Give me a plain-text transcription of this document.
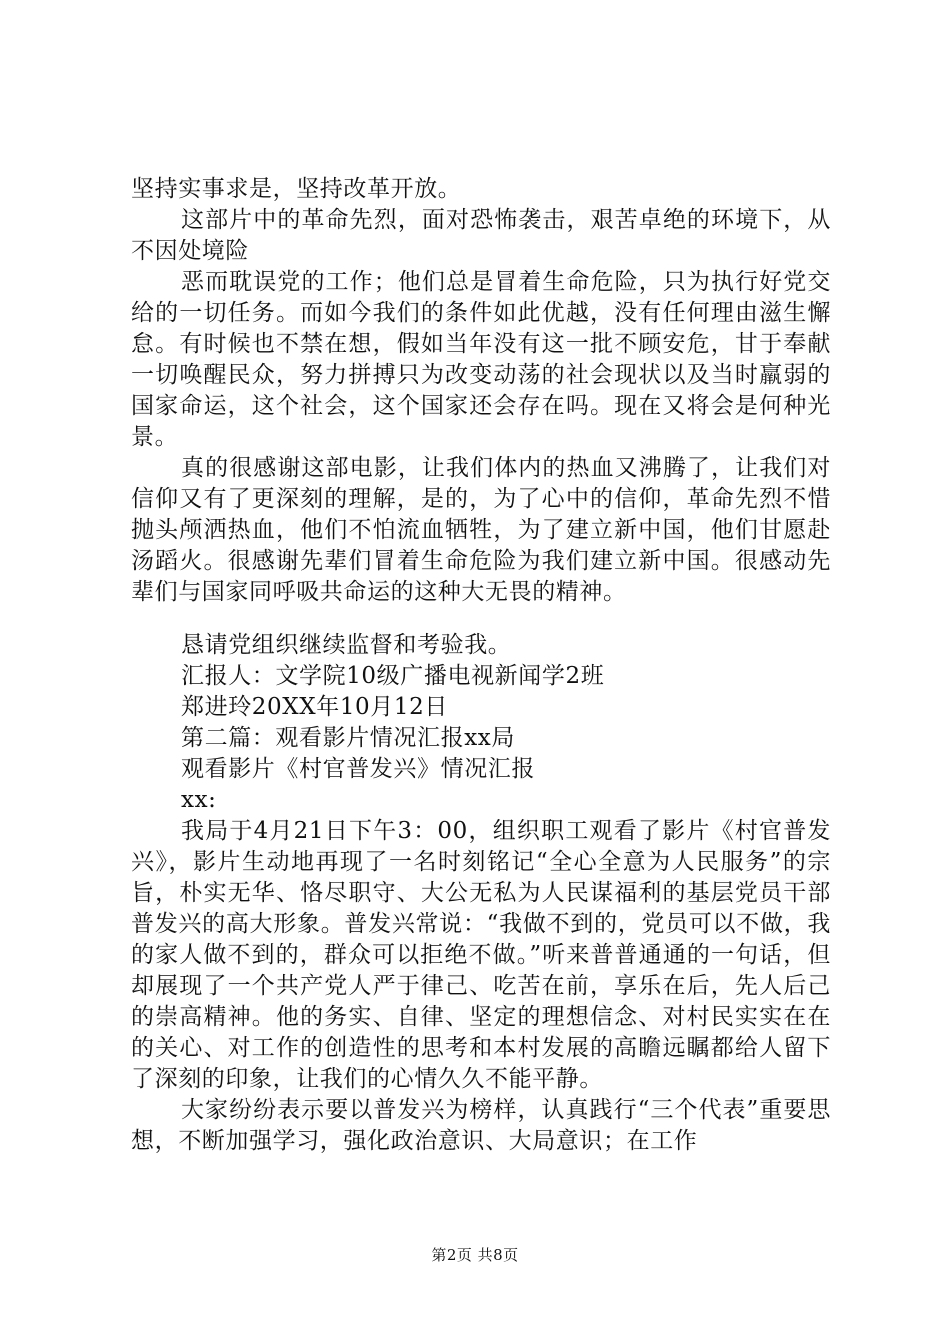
坚持实事求是，坚持改革开放。

这部片中的革命先烈，面对恐怖袭击，艰苦卓绝的环境下，从不因处境险

恶而耽误党的工作；他们总是冒着生命危险，只为执行好党交给的一切任务。而如今我们的条件如此优越，没有任何理由滋生懈怠。有时候也不禁在想，假如当年没有这一批不顾安危，甘于奉献一切唤醒民众，努力拼搏只为改变动荡的社会现状以及当时羸弱的国家命运，这个社会，这个国家还会存在吗。现在又将会是何种光景。

真的很感谢这部电影，让我们体内的热血又沸腾了，让我们对信仰又有了更深刻的理解，是的，为了心中的信仰，革命先烈不惜抛头颅洒热血，他们不怕流血牺牲，为了建立新中国，他们甘愿赴汤蹈火。很感谢先辈们冒着生命危险为我们建立新中国。很感动先辈们与国家同呼吸共命运的这种大无畏的精神。

恳请党组织继续监督和考验我。

汇报人：文学院10级广播电视新闻学2班

郑进玲20XX年10月12日

第二篇：观看影片情况汇报xx局

观看影片《村官普发兴》情况汇报

xx:

我局于4月21日下午3：00，组织职工观看了影片《村官普发兴》，影片生动地再现了一名时刻铭记“全心全意为人民服务”的宗旨，朴实无华、恪尽职守、大公无私为人民谋福利的基层党员干部普发兴的高大形象。普发兴常说：“我做不到的，党员可以不做，我的家人做不到的，群众可以拒绝不做。”听来普普通通的一句话，但却展现了一个共产党人严于律己、吃苦在前，享乐在后，先人后己的崇高精神。他的务实、自律、坚定的理想信念、对村民实实在在的关心、对工作的创造性的思考和本村发展的高瞻远瞩都给人留下了深刻的印象，让我们的心情久久不能平静。

大家纷纷表示要以普发兴为榜样，认真践行“三个代表”重要思想，不断加强学习，强化政治意识、大局意识；在工作

第2页 共8页
